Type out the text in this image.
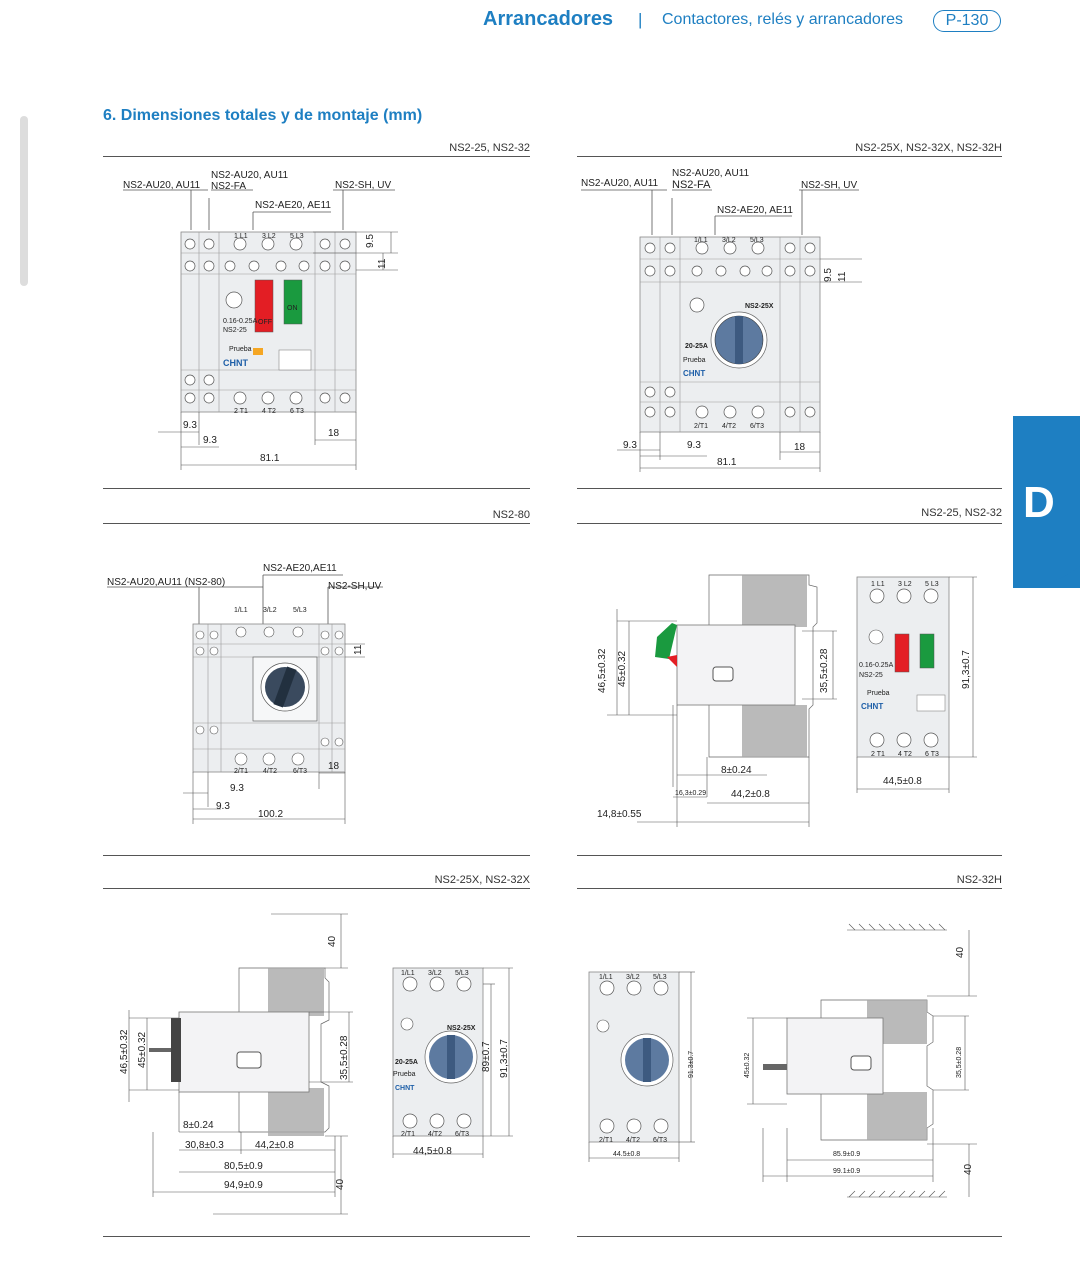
Arrancadores | Contactores, relés y arrancadores	P-130
6. Dimensiones totales y de montaje (mm)
D
NS2-25, NS2-32	NS2-25X, NS2-32X, NS2-32H
NS2-80	NS2-25, NS2-32
NS2-25X, NS2-32X	NS2-32H
OFF
ON
0.16-0.25A
NS2-25
Prueba
CHNT
1 L1 3 L2 5 L3
2 T1 4 T2 6 T3
NS2-AU20, AU11
NS2-AU20, AU11
NS2-FA	NS2-SH, UV
NS2-AE20, AE11
9.5
11
9.3
9.3
18
81.1
NS2-25X
20-25A
Prueba
CHNT
1/L1 3/L2 5/L3
2/T1 4/T2 6/T3
NS2-AU20, AU11
NS2-AU20, AU11
NS2-FA	NS2-SH, UV
NS2-AE20, AE11
9.5 11
9.3	9.3	18
81.1
1/L1 3/L2 5/L3
2/T1 4/T2 6/T3
NS2-AU20,AU11 (NS2-80)
NS2-AE20,AE11
NS2-SH,UV
11
18
9.3
9.3
100.2
0.16-0.25A
NS2-25
Prueba
CHNT
1 L1 3 L2 5 L3
2 T1 4 T2 6 T3
46,5±0.32 45±0.32	35,5±0.28
8±0.24
16,3±0.29 44,2±0.8
14,8±0.55
91,3±0.7
44,5±0.8
NS2-25X
20-25A
Prueba
CHNT
1/L1 3/L2 5/L3
2/T1 4/T2 6/T3
40
40
46,5±0.32 45±0.32	35,5±0.28
8±0.24
30,8±0.3	44,2±0.8
80,5±0.9
94,9±0.9
89±0.7 91,3±0.7
44,5±0.8
1/L1 3/L2 5/L3
2/T1 4/T2 6/T3
40
40
91.3±0.7
44.5±0.8
45±0.32	35,5±0.28
85.9±0.9
99.1±0.9
